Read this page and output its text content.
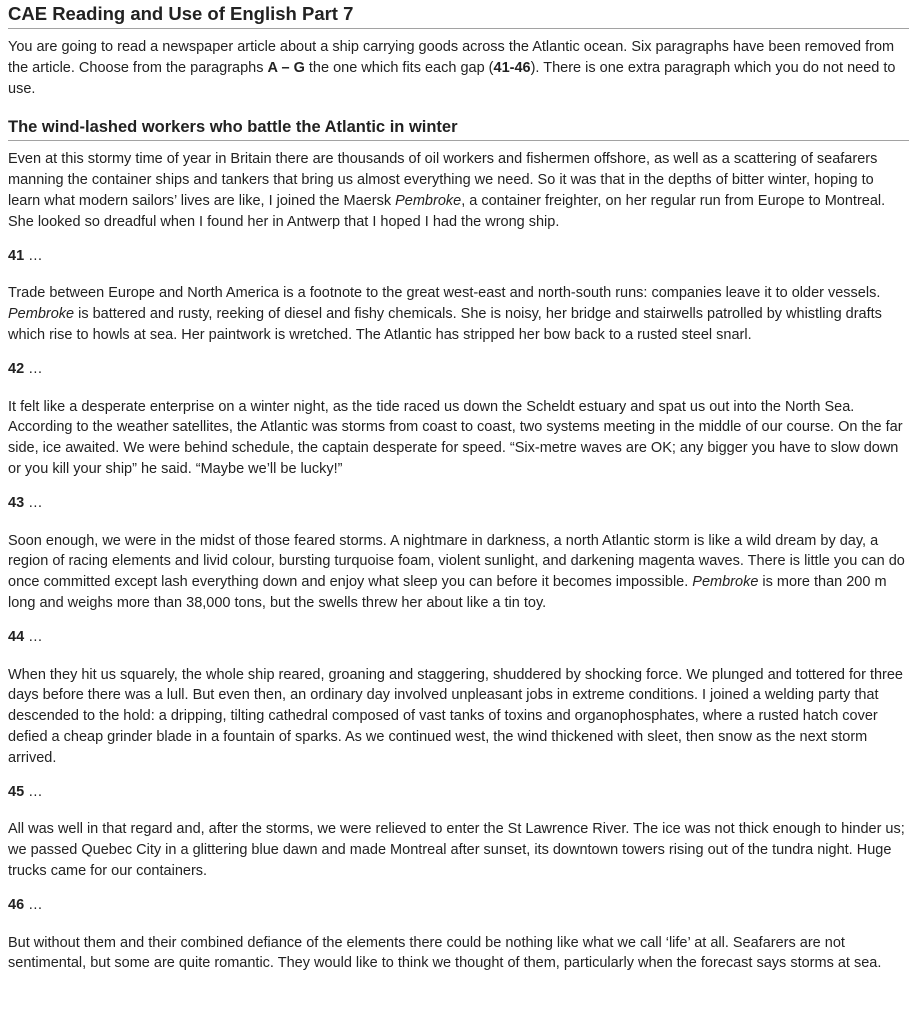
CAE Reading and Use of English Part 7

You are going to read a newspaper article about a ship carrying goods across the Atlantic ocean. Six paragraphs have been removed from the article. Choose from the paragraphs A – G the one which fits each gap (41-46). There is one extra paragraph which you do not need to use.

The wind-lashed workers who battle the Atlantic in winter

Even at this stormy time of year in Britain there are thousands of oil workers and fishermen offshore, as well as a scattering of seafarers manning the container ships and tankers that bring us almost everything we need. So it was that in the depths of bitter winter, hoping to learn what modern sailors’ lives are like, I joined the Maersk Pembroke, a container freighter, on her regular run from Europe to Montreal. She looked so dreadful when I found her in Antwerp that I hoped I had the wrong ship.

41 …

Trade between Europe and North America is a footnote to the great west-east and north-south runs: companies leave it to older vessels. Pembroke is battered and rusty, reeking of diesel and fishy chemicals. She is noisy, her bridge and stairwells patrolled by whistling drafts which rise to howls at sea. Her paintwork is wretched. The Atlantic has stripped her bow back to a rusted steel snarl.

42 …

It felt like a desperate enterprise on a winter night, as the tide raced us down the Scheldt estuary and spat us out into the North Sea. According to the weather satellites, the Atlantic was storms from coast to coast, two systems meeting in the middle of our course. On the far side, ice awaited. We were behind schedule, the captain desperate for speed. “Six-metre waves are OK; any bigger you have to slow down or you kill your ship” he said. “Maybe we’ll be lucky!”

43 …

Soon enough, we were in the midst of those feared storms. A nightmare in darkness, a north Atlantic storm is like a wild dream by day, a region of racing elements and livid colour, bursting turquoise foam, violent sunlight, and darkening magenta waves. There is little you can do once committed except lash everything down and enjoy what sleep you can before it becomes impossible. Pembroke is more than 200 m long and weighs more than 38,000 tons, but the swells threw her about like a tin toy.

44 …

When they hit us squarely, the whole ship reared, groaning and staggering, shuddered by shocking force. We plunged and tottered for three days before there was a lull. But even then, an ordinary day involved unpleasant jobs in extreme conditions. I joined a welding party that descended to the hold: a dripping, tilting cathedral composed of vast tanks of toxins and organophosphates, where a rusted hatch cover defied a cheap grinder blade in a fountain of sparks. As we continued west, the wind thickened with sleet, then snow as the next storm arrived.

45 …

All was well in that regard and, after the storms, we were relieved to enter the St Lawrence River. The ice was not thick enough to hinder us; we passed Quebec City in a glittering blue dawn and made Montreal after sunset, its downtown towers rising out of the tundra night. Huge trucks came for our containers.

46 …

But without them and their combined defiance of the elements there could be nothing like what we call ‘life’ at all. Seafarers are not sentimental, but some are quite romantic. They would like to think we thought of them, particularly when the forecast says storms at sea.
